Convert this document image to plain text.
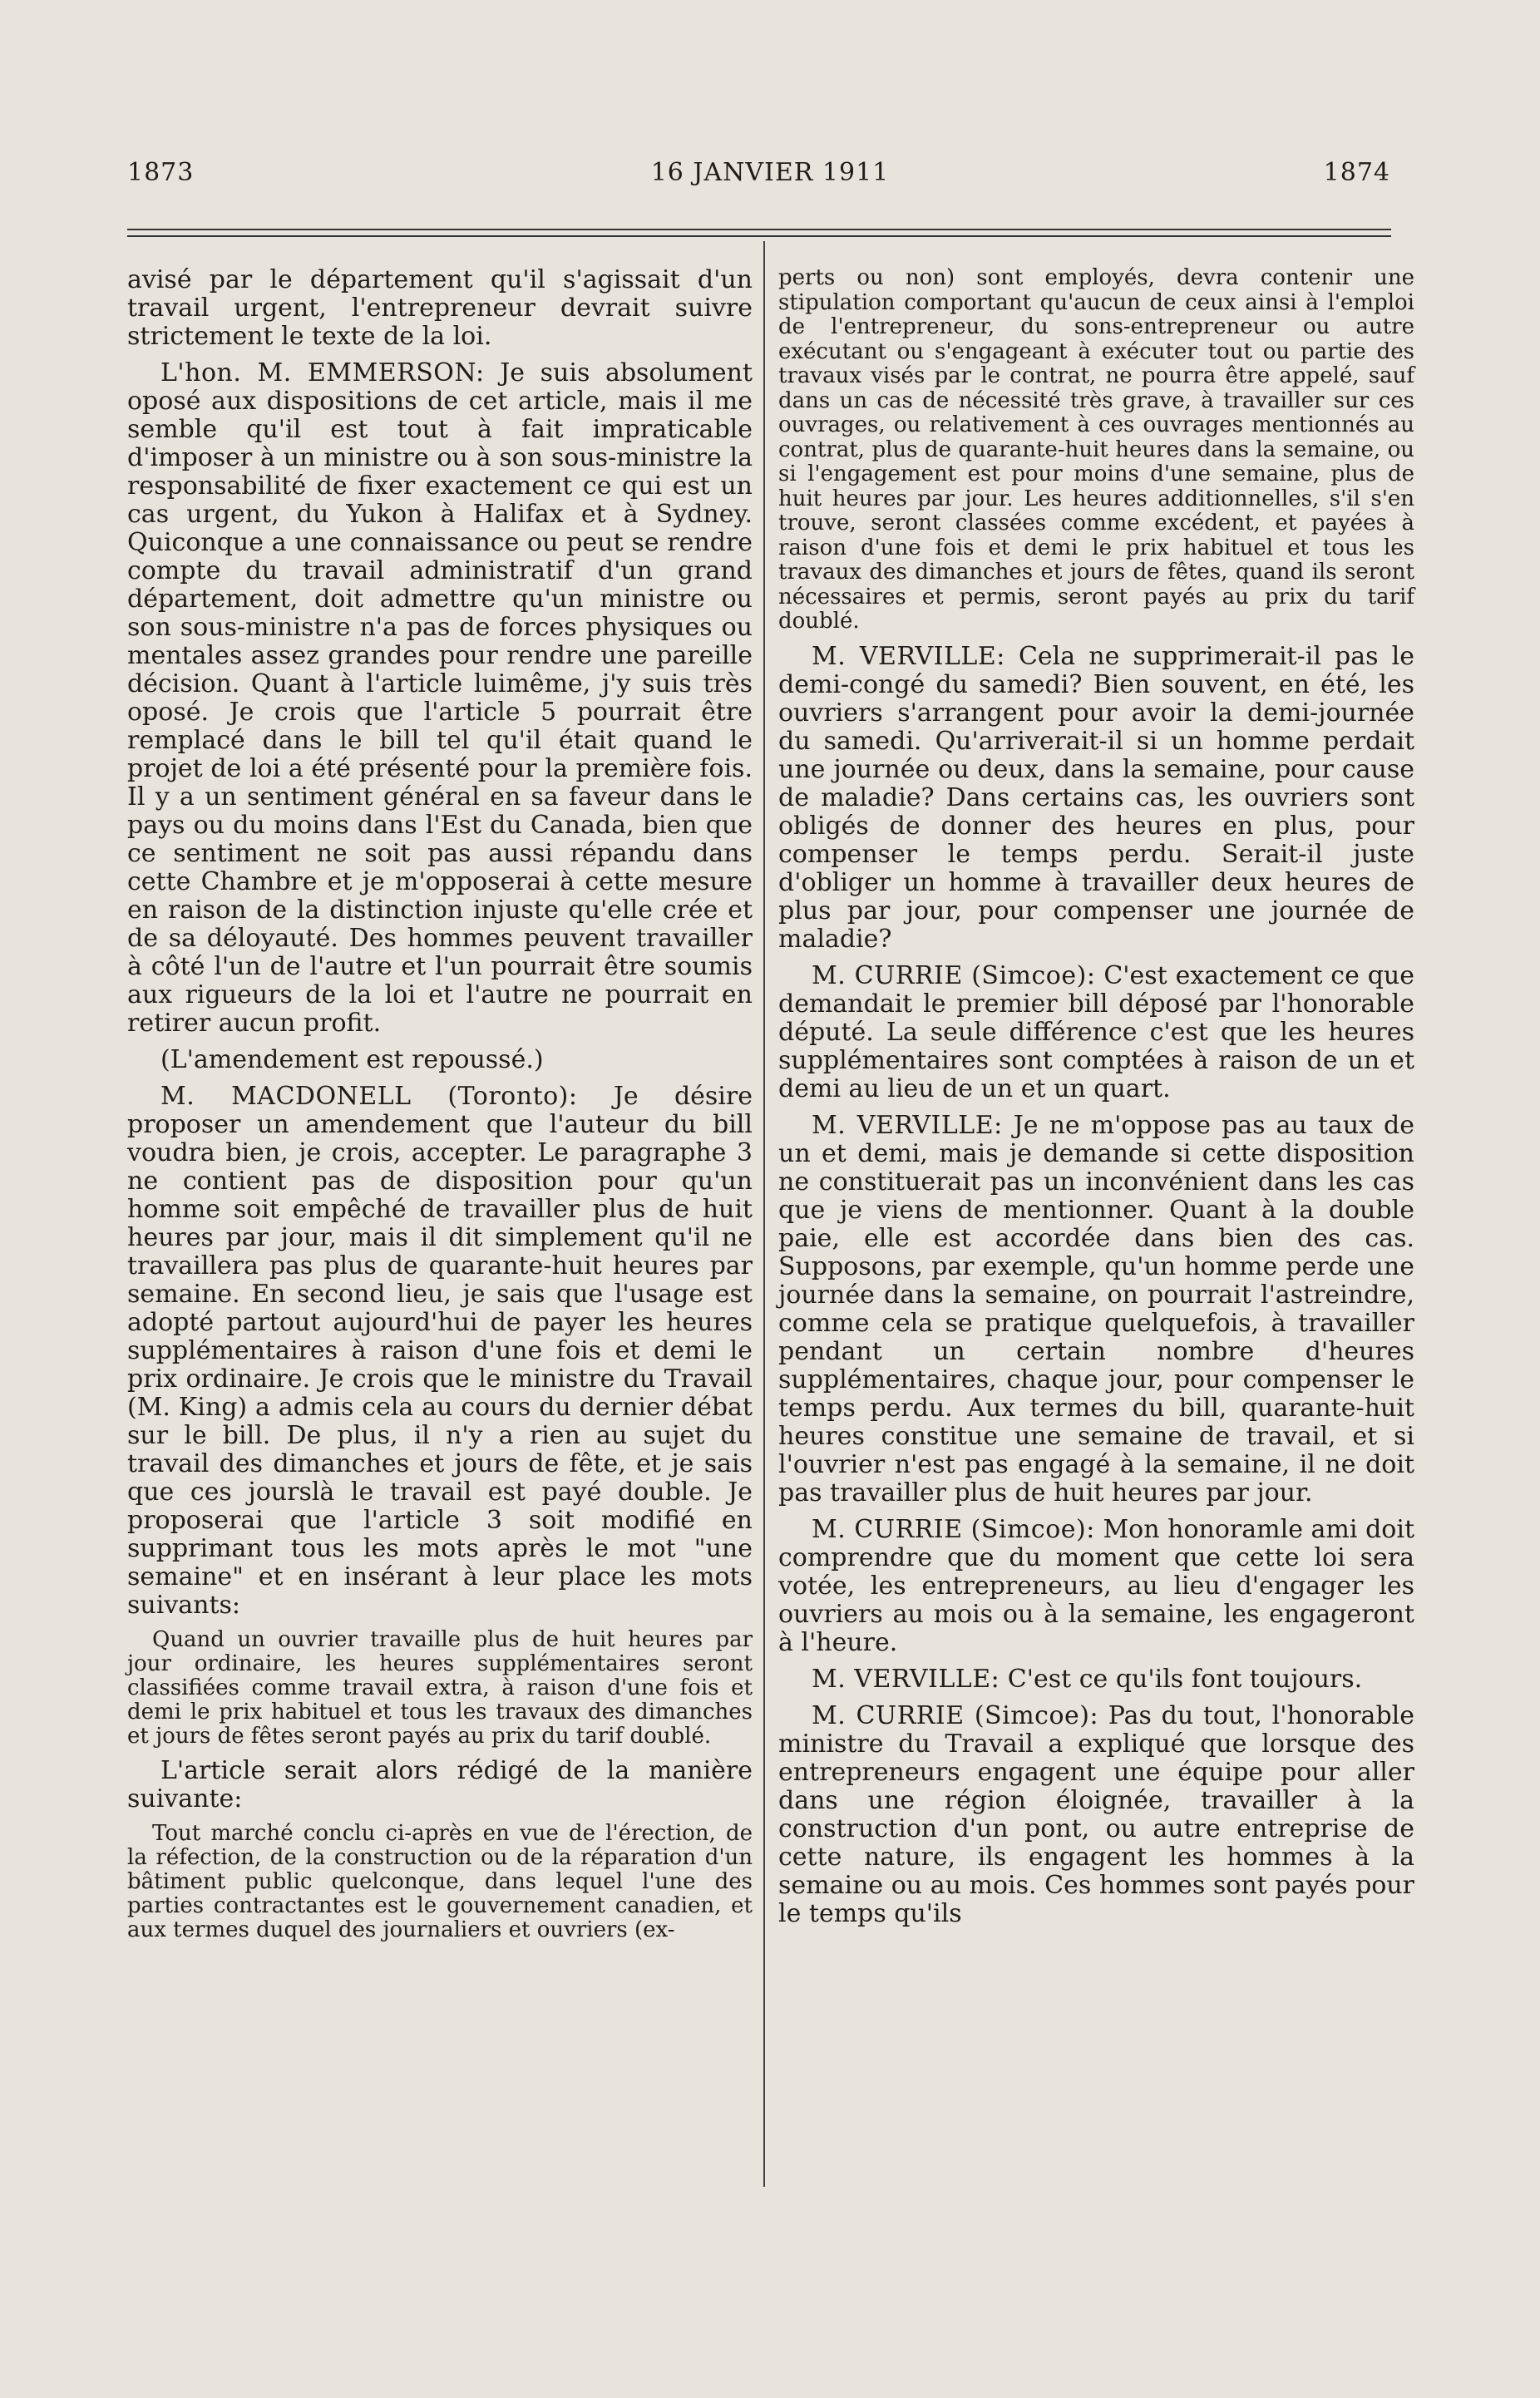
1873	16 JANVIER 1911	1874

avisé par le département qu'il s'agissait d'un travail urgent, l'entrepreneur devrait suivre strictement le texte de la loi.

L'hon. M. EMMERSON: Je suis absolument oposé aux dispositions de cet article, mais il me semble qu'il est tout à fait impraticable d'imposer à un ministre ou à son sous-ministre la responsabilité de fixer exactement ce qui est un cas urgent, du Yukon à Halifax et à Sydney. Quiconque a une connaissance ou peut se rendre compte du travail administratif d'un grand département, doit admettre qu'un ministre ou son sous-ministre n'a pas de forces physiques ou mentales assez grandes pour rendre une pareille décision. Quant à l'article luimême, j'y suis très oposé. Je crois que l'article 5 pourrait être remplacé dans le bill tel qu'il était quand le projet de loi a été présenté pour la première fois. Il y a un sentiment général en sa faveur dans le pays ou du moins dans l'Est du Canada, bien que ce sentiment ne soit pas aussi répandu dans cette Chambre et je m'opposerai à cette mesure en raison de la distinction injuste qu'elle crée et de sa déloyauté. Des hommes peuvent travailler à côté l'un de l'autre et l'un pourrait être soumis aux rigueurs de la loi et l'autre ne pourrait en retirer aucun profit.

(L'amendement est repoussé.)

M. MACDONELL (Toronto): Je désire proposer un amendement que l'auteur du bill voudra bien, je crois, accepter. Le paragraphe 3 ne contient pas de disposition pour qu'un homme soit empêché de travailler plus de huit heures par jour, mais il dit simplement qu'il ne travaillera pas plus de quarante-huit heures par semaine. En second lieu, je sais que l'usage est adopté partout aujourd'hui de payer les heures supplémentaires à raison d'une fois et demi le prix ordinaire. Je crois que le ministre du Travail (M. King) a admis cela au cours du dernier débat sur le bill. De plus, il n'y a rien au sujet du travail des dimanches et jours de fête, et je sais que ces jourslà le travail est payé double. Je proposerai que l'article 3 soit modifié en supprimant tous les mots après le mot "une semaine" et en insérant à leur place les mots suivants:

Quand un ouvrier travaille plus de huit heures par jour ordinaire, les heures supplémentaires seront classifiées comme travail extra, à raison d'une fois et demi le prix habituel et tous les travaux des dimanches et jours de fêtes seront payés au prix du tarif doublé.

L'article serait alors rédigé de la manière suivante:

Tout marché conclu ci-après en vue de l'érection, de la réfection, de la construction ou de la réparation d'un bâtiment public quelconque, dans lequel l'une des parties contractantes est le gouvernement canadien, et aux termes duquel des journaliers et ouvriers (ex-

perts ou non) sont employés, devra contenir une stipulation comportant qu'aucun de ceux ainsi à l'emploi de l'entrepreneur, du sons-entrepreneur ou autre exécutant ou s'engageant à exécuter tout ou partie des travaux visés par le contrat, ne pourra être appelé, sauf dans un cas de nécessité très grave, à travailler sur ces ouvrages, ou relativement à ces ouvrages mentionnés au contrat, plus de quarante-huit heures dans la semaine, ou si l'engagement est pour moins d'une semaine, plus de huit heures par jour. Les heures additionnelles, s'il s'en trouve, seront classées comme excédent, et payées à raison d'une fois et demi le prix habituel et tous les travaux des dimanches et jours de fêtes, quand ils seront nécessaires et permis, seront payés au prix du tarif doublé.

M. VERVILLE: Cela ne supprimerait-il pas le demi-congé du samedi? Bien souvent, en été, les ouvriers s'arrangent pour avoir la demi-journée du samedi. Qu'arriverait-il si un homme perdait une journée ou deux, dans la semaine, pour cause de maladie? Dans certains cas, les ouvriers sont obligés de donner des heures en plus, pour compenser le temps perdu. Serait-il juste d'obliger un homme à travailler deux heures de plus par jour, pour compenser une journée de maladie?

M. CURRIE (Simcoe): C'est exactement ce que demandait le premier bill déposé par l'honorable député. La seule différence c'est que les heures supplémentaires sont comptées à raison de un et demi au lieu de un et un quart.

M. VERVILLE: Je ne m'oppose pas au taux de un et demi, mais je demande si cette disposition ne constituerait pas un inconvénient dans les cas que je viens de mentionner. Quant à la double paie, elle est accordée dans bien des cas. Supposons, par exemple, qu'un homme perde une journée dans la semaine, on pourrait l'astreindre, comme cela se pratique quelquefois, à travailler pendant un certain nombre d'heures supplémentaires, chaque jour, pour compenser le temps perdu. Aux termes du bill, quarante-huit heures constitue une semaine de travail, et si l'ouvrier n'est pas engagé à la semaine, il ne doit pas travailler plus de huit heures par jour.

M. CURRIE (Simcoe): Mon honoramle ami doit comprendre que du moment que cette loi sera votée, les entrepreneurs, au lieu d'engager les ouvriers au mois ou à la semaine, les engageront à l'heure.

M. VERVILLE: C'est ce qu'ils font toujours.

M. CURRIE (Simcoe): Pas du tout, l'honorable ministre du Travail a expliqué que lorsque des entrepreneurs engagent une équipe pour aller dans une région éloignée, travailler à la construction d'un pont, ou autre entreprise de cette nature, ils engagent les hommes à la semaine ou au mois. Ces hommes sont payés pour le temps qu'ils
